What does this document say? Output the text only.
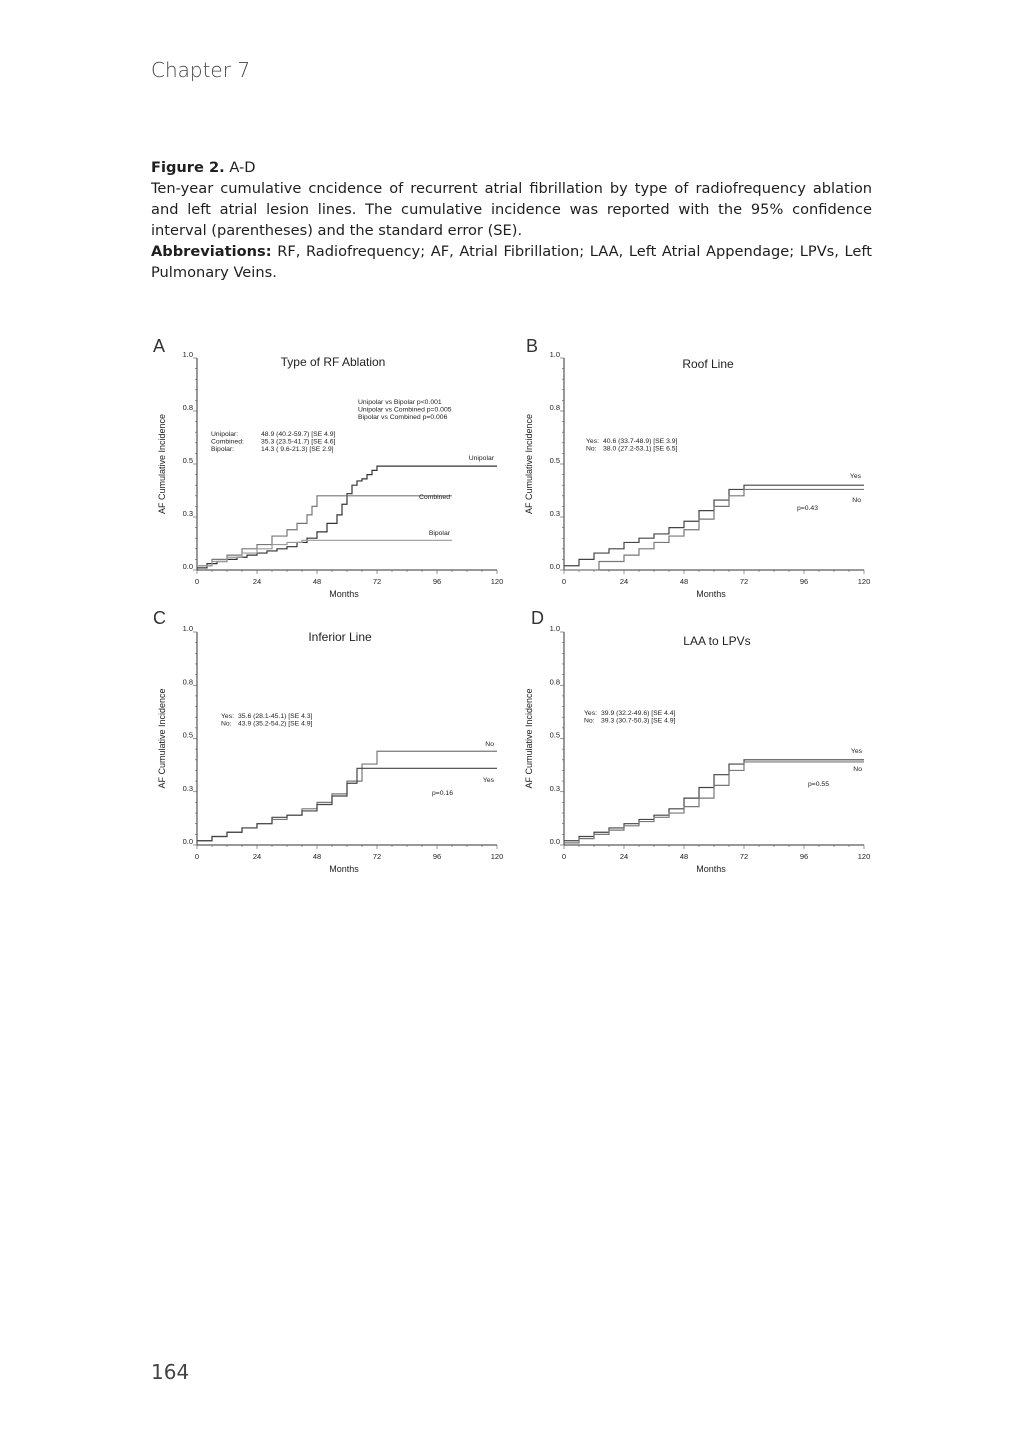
Chapter 7

Figure 2. A-D

Ten-year cumulative cncidence of recurrent atrial fibrillation by type of radiofrequency ablation and left atrial lesion lines. The cumulative incidence was reported with the 95% confidence interval (parentheses) and the standard error (SE).

Abbreviations: RF, Radiofrequency; AF, Atrial Fibrillation; LAA, Left Atrial Appendage; LPVs, Left Pulmonary Veins.

A
Type of RF Ablation
0.0
0.3
0.5
0.8
1.0
0	24	48	72	96	120
AF Cumulative Incidence
Months
Unipolar
Combined
Bipolar
Unipolar:	48.9 (40.2-59.7) [SE 4.9]
Combined:	35.3 (23.5-41.7) [SE 4.6]
Bipolar:	14.3 ( 9.6-21.3) [SE 2.9]
Unipolar vs Bipolar p<0.001
Unipolar vs Combined p=0.005
Bipolar vs Combined p=0.006
B
Roof Line
0.0
0.3
0.5
0.8
1.0
0	24	48	72	96	120
AF Cumulative Incidence
Months
Yes
No
Yes: 40.6 (33.7-48.9) [SE 3.9]
No: 38.0 (27.2-53.1) [SE 6.5]
p=0.43
C
Inferior Line
0.0
0.3
0.5
0.8
1.0
0	24	48	72	96	120
AF Cumulative Incidence
Months
No
Yes
Yes: 35.6 (28.1-45.1) [SE 4.3]
No: 43.9 (35.2-54.2) [SE 4.9]
p=0.16
D
LAA to LPVs
0.0
0.3
0.5
0.8
1.0
0	24	48	72	96	120
AF Cumulative Incidence
Months
Yes
No
Yes: 39.9 (32.2-49.6) [SE 4.4]
No: 39.3 (30.7-50.3) [SE 4.9]
p=0.55
164
